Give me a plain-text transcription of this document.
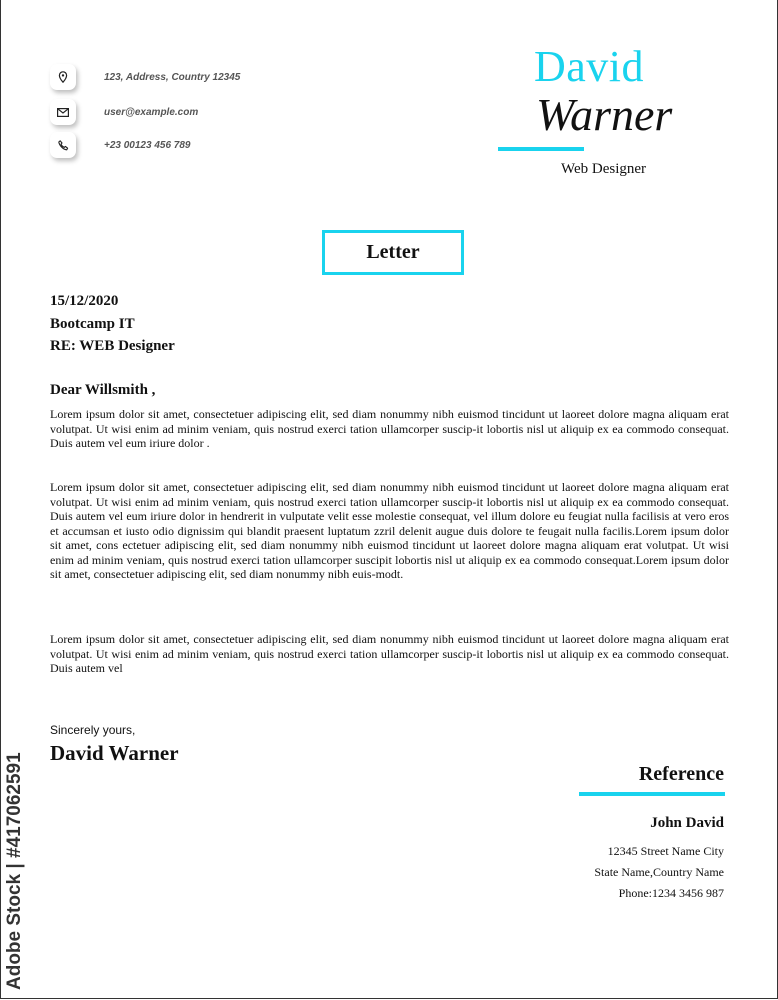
123, Address, Country 12345
user@example.com
+23 00123 456 789
David
Warner
Web Designer
Letter
15/12/2020
Bootcamp IT
RE: WEB Designer
Dear Willsmith ,
Lorem ipsum dolor sit amet, consectetuer adipiscing elit, sed diam nonummy nibh euismod tincidunt ut laoreet dolore magna aliquam erat volutpat. Ut wisi enim ad minim veniam, quis nostrud exerci tation ullamcorper suscip-it lobortis nisl ut aliquip ex ea commodo consequat. Duis autem vel eum iriure dolor .
Lorem ipsum dolor sit amet, consectetuer adipiscing elit, sed diam nonummy nibh euismod tincidunt ut laoreet dolore magna aliquam erat volutpat. Ut wisi enim ad minim veniam, quis nostrud exerci tation ullamcorper suscip-it lobortis nisl ut aliquip ex ea commodo consequat. Duis autem vel eum iriure dolor in hendrerit in vulputate velit esse molestie consequat, vel illum dolore eu feugiat nulla facilisis at vero eros et accumsan et iusto odio dignissim qui blandit praesent luptatum zzril delenit augue duis dolore te feugait nulla facilis.Lorem ipsum dolor sit amet, cons ectetuer adipiscing elit, sed diam nonummy nibh euismod tincidunt ut laoreet dolore magna aliquam erat volutpat. Ut wisi enim ad minim veniam, quis nostrud exerci tation ullamcorper suscipit lobortis nisl ut aliquip ex ea commodo consequat.Lorem ipsum dolor sit amet, consectetuer adipiscing elit, sed diam nonummy nibh euis-modt.
Lorem ipsum dolor sit amet, consectetuer adipiscing elit, sed diam nonummy nibh euismod tincidunt ut laoreet dolore magna aliquam erat volutpat. Ut wisi enim ad minim veniam, quis nostrud exerci tation ullamcorper suscip-it lobortis nisl ut aliquip ex ea commodo consequat. Duis autem vel
Sincerely yours,
David Warner
Reference
John David
12345 Street Name City
State Name,Country Name
Phone:1234 3456 987
Adobe Stock | #417062591
